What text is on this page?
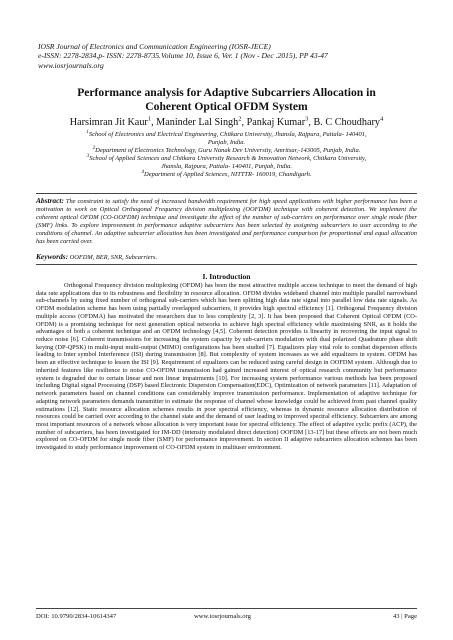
IOSR Journal of Electronics and Communication Engineering (IOSR-JECE)
e-ISSN: 2278-2834,p- ISSN: 2278-8735.Volume 10, Issue 6, Ver. 1 (Nov - Dec .2015), PP 43-47
www.iosrjournals.org
Performance analysis for Adaptive Subcarriers Allocation in
Coherent Optical OFDM System
Harsimran Jit Kaur$^1$, Maninder Lal Singh$^2$, Pankaj Kumar$^3$, B. C Choudhary$^4$
$^1$School of Electronics and Electrical Engineering, Chitkara University, Jhansla, Rajpura, Patiala- 140401,
Punjab, India.
$^2$Department of Electronics Technology, Guru Nanak Dev University, Amritsar,-143005, Punjab, India.
$^3$School of Applied Sciences and Chitkara University Research & Innovation Network, Chitkara University,
Jhansla, Rajpura, Patiala- 140401, Punjab, India.
$^4$Department of Applied Sciences, NITTTR- 160019, Chandigarh.
Abstract: The constraint to satisfy the need of increased bandwidth requirement for high speed applications with higher performance has been a motivation to work on Optical Orthogonal Frequency division multiplexing (OOFDM) technique with coherent detection. We implement the coherent optical OFDM (CO-OOFDM) technique and investigate the effect of the number of sub-carriers on performance over single mode fiber (SMF) links. To explore improvement in performance adaptive subcarriers has been selected by assigning subcarriers to user according to the conditions of channel. An adaptive subcarrier allocation has been investigated and performance comparison for proportional and equal allocation has been carried over.
Keywords: OOFDM, BER, SNR, Subcarriers.
I. Introduction

Orthogonal Frequency division multiplexing (OFDM) has been the most attractive multiple access technique to meet the demand of high data rate applications due to its robustness and flexibility in resource allocation. OFDM divides wideband channel into multiple parallel narrowband sub-channels by using fixed number of orthogonal sub-carriers which has been splitting high data rate signal into parallel low data rate signals. As OFDM modulation scheme has been using partially overlapped subcarriers, it provides high spectral efficiency [1]. Orthogonal Frequency division multiple access (OFDMA) has motivated the researchers due to less complexity [2, 3]. It has been proposed that Coherent Optical OFDM (CO-OFDM) is a promising technique for next generation optical networks to achieve high spectral efficiency while maximising SNR, as it holds the advantages of both a coherent technique and an OFDM technology [4,5]. Coherent detection provides is linearity in recovering the input signal to reduce noise [6]. Coherent transmissions for increasing the system capacity by sub-carriers modulation with dual polarized Quadrature phase shift keying (DP-QPSK) in multi-input multi-output (MIMO) configurations has been studied [7]. Equalizers play vital role to combat dispersion effects leading to Inter symbol Interference (ISI) during transmission [8]. But complexity of system increases as we add equalizers in system. OFDM has been an effective technique to lessen the ISI [9]. Requirement of equalizers can be reduced using careful design in OOFDM system. Although due to inherited features like resilience to noise CO-OFDM transmission had gained increased interest of optical research community but performance system is degraded due to certain linear and non linear impairments [10]. For increasing system performance various methods has been proposed including Digital signal Processing (DSP) based Electronic Dispersion Compensation(EDC), Optimization of network parameters [11]. Adaptation of network parameters based on channel conditions can considerably improve transmission performance. Implementation of adaptive technique for adapting network parameters demands transmitter to estimate the response of channel whose knowledge could be achieved from past channel quality estimations [12]. Static resource allocation schemes results in poor spectral efficiency, whereas in dynamic resource allocation distribution of resources could be carried over according to the channel state and the demand of user leading to improved spectral efficiency. Subcarriers are among most important resources of a network whose allocation is very important issue for spectral efficiency. The effect of adaptive cyclic prefix (ACP), the number of subcarriers, has been investigated for IM-DD (intensity modulated direct detection) OOFDM [13-17] but these effects are not been much explored on CO-OFDM for single mode fiber (SMF) for performance improvement. In section II adaptive subcarriers allocation schemes has been investigated to study performance improvement of CO-OFDM system in multiuser environment.

DOI: 10.9790/2834-10614347	www.iosrjournals.org	43 | Page
